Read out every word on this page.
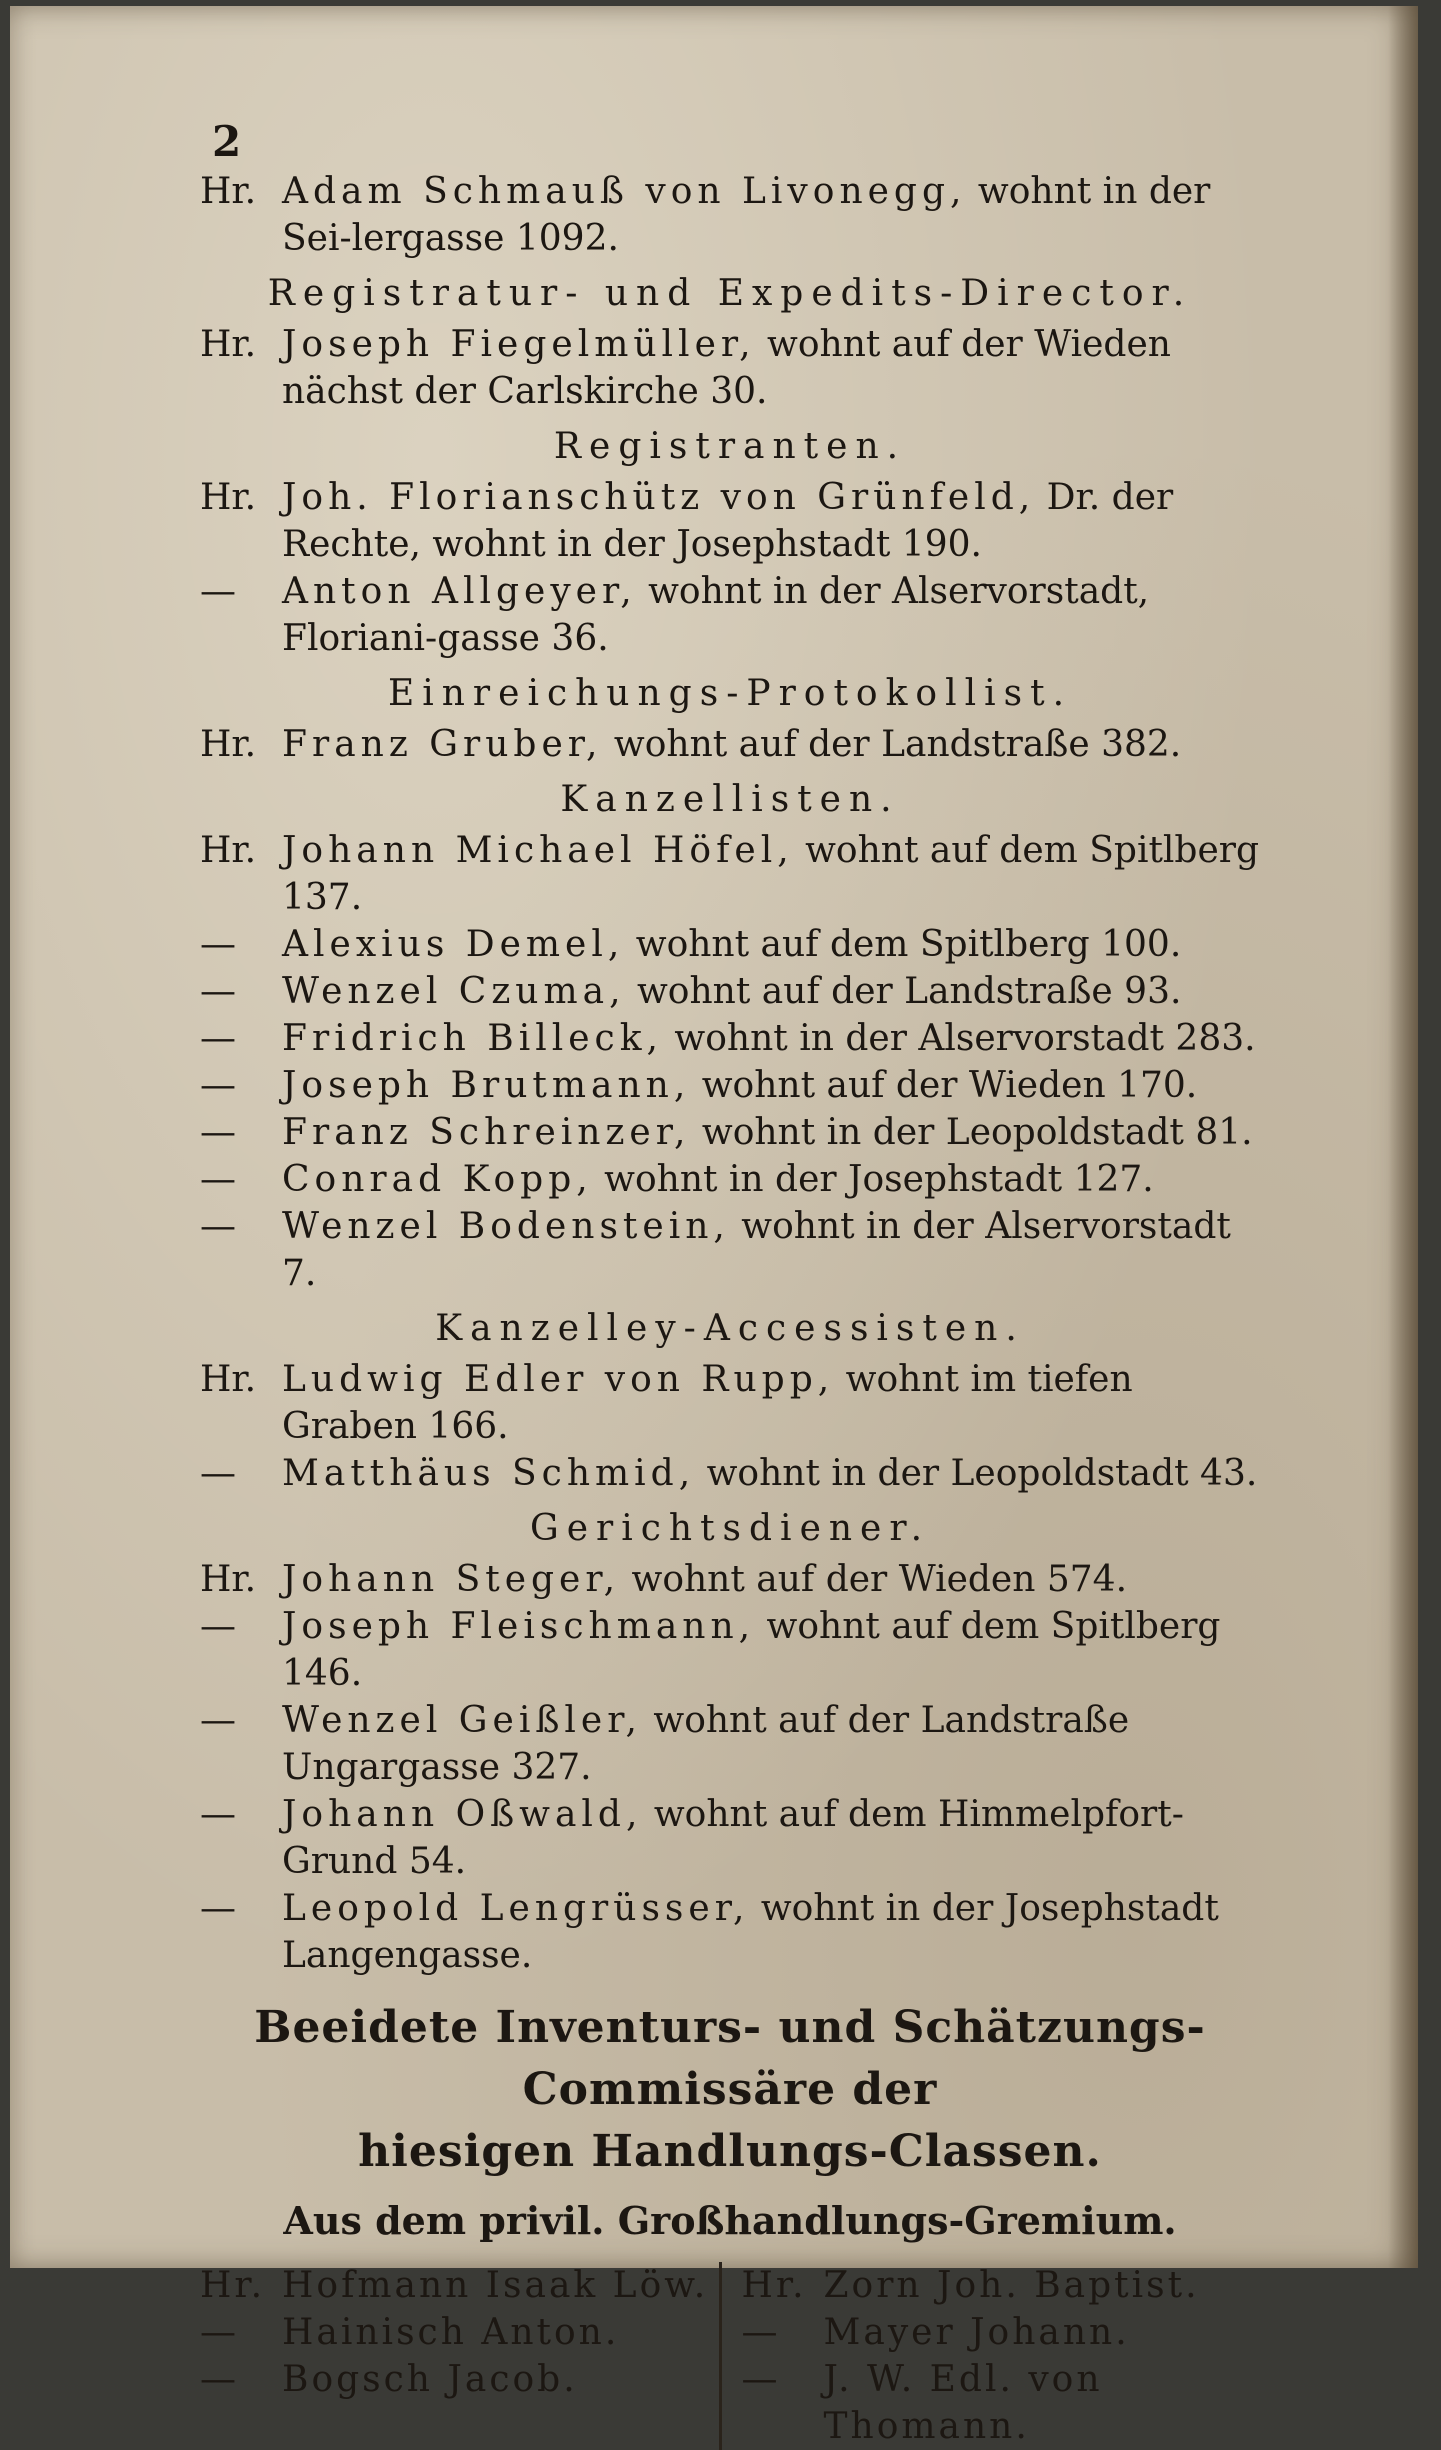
2

Hr. Adam Schmauß von Livonegg, wohnt in der Sei-lergasse 1092.

Registratur- und Expedits-Director.

Hr. Joseph Fiegelmüller, wohnt auf der Wieden nächst der Carlskirche 30.

Registranten.

Hr. Joh. Florianschütz von Grünfeld, Dr. der Rechte, wohnt in der Josephstadt 190.

— Anton Allgeyer, wohnt in der Alservorstadt, Floriani-gasse 36.

Einreichungs-Protokollist.

Hr. Franz Gruber, wohnt auf der Landstraße 382.

Kanzellisten.

Hr. Johann Michael Höfel, wohnt auf dem Spitlberg 137.

— Alexius Demel, wohnt auf dem Spitlberg 100.

— Wenzel Czuma, wohnt auf der Landstraße 93.

— Fridrich Billeck, wohnt in der Alservorstadt 283.

— Joseph Brutmann, wohnt auf der Wieden 170.

— Franz Schreinzer, wohnt in der Leopoldstadt 81.

— Conrad Kopp, wohnt in der Josephstadt 127.

— Wenzel Bodenstein, wohnt in der Alservorstadt 7.

Kanzelley-Accessisten.

Hr. Ludwig Edler von Rupp, wohnt im tiefen Graben 166.

— Matthäus Schmid, wohnt in der Leopoldstadt 43.

Gerichtsdiener.

Hr. Johann Steger, wohnt auf der Wieden 574.

— Joseph Fleischmann, wohnt auf dem Spitlberg 146.

— Wenzel Geißler, wohnt auf der Landstraße Ungargasse 327.

— Johann Oßwald, wohnt auf dem Himmelpfort-Grund 54.

— Leopold Lengrüsser, wohnt in der Josephstadt Langengasse.

Beeidete Inventurs- und Schätzungs-Commissäre der
hiesigen Handlungs-Classen.
Aus dem privil. Großhandlungs-Gremium.

Hr. Hofmann Isaak Löw.

— Hainisch Anton.

— Bogsch Jacob.

Hr. Zorn Joh. Baptist.

— Mayer Johann.

— J. W. Edl. von Thomann.
